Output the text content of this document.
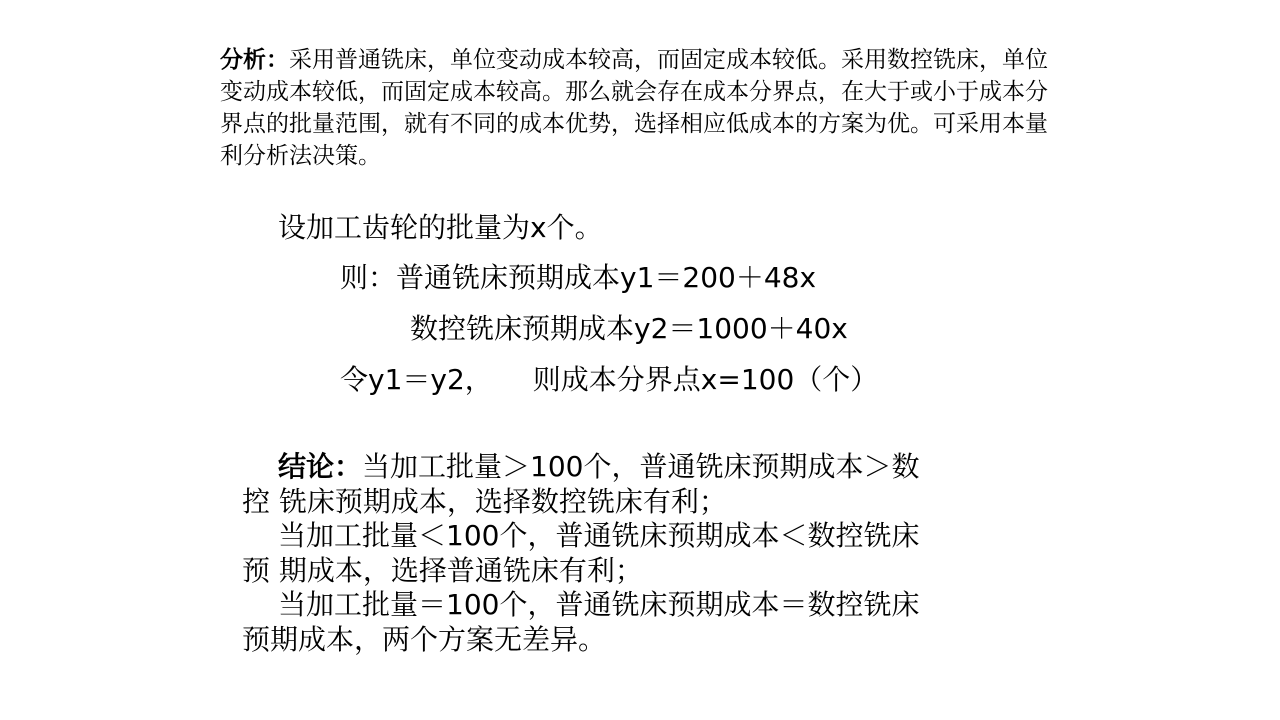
分析：采用普通铣床，单位变动成本较高，而固定成本较低。采用数控铣床，单位变动成本较低，而固定成本较高。那么就会存在成本分界点，在大于或小于成本分界点的批量范围，就有不同的成本优势，选择相应低成本的方案为优。可采用本量利分析法决策。

设加工齿轮的批量为x个。
则：普通铣床预期成本y1＝200＋48x
数控铣床预期成本y2＝1000＋40x
令y1＝y2， 则成本分界点x=100（个）
结论：当加工批量＞100个，普通铣床预期成本＞数
控 铣床预期成本，选择数控铣床有利；
当加工批量＜100个，普通铣床预期成本＜数控铣床
预 期成本，选择普通铣床有利；
当加工批量＝100个，普通铣床预期成本＝数控铣床
预期成本，两个方案无差异。
